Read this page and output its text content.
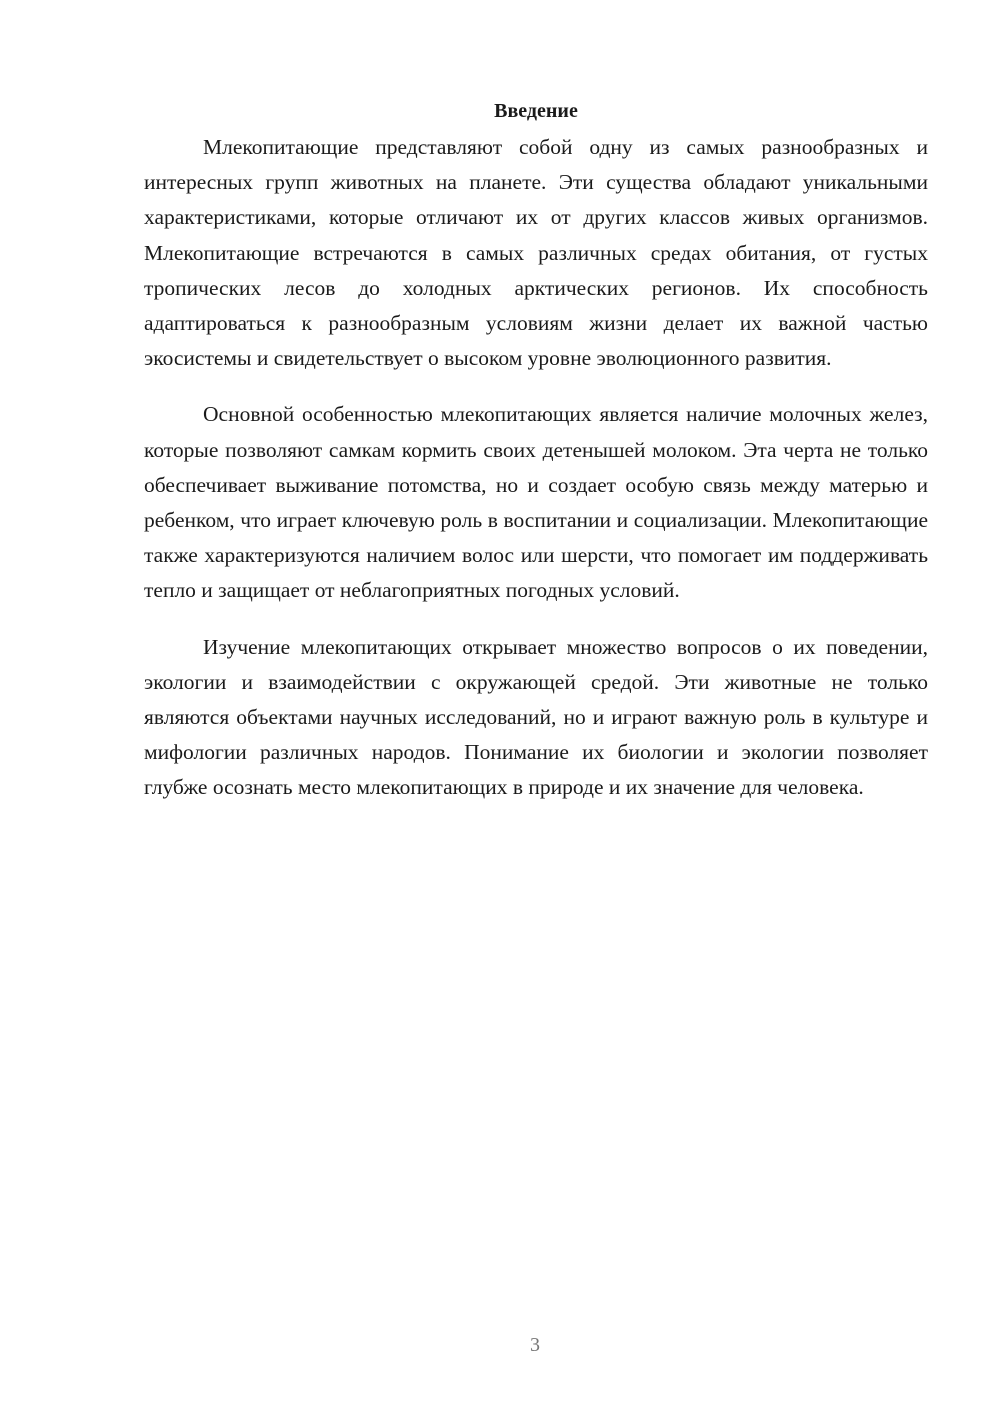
Введение

Млекопитающие представляют собой одну из самых разнообразных и интересных групп животных на планете. Эти существа обладают уникальными характеристиками, которые отличают их от других классов живых организмов. Млекопитающие встречаются в самых различных средах обитания, от густых тропических лесов до холодных арктических регионов. Их способность адаптироваться к разнообразным условиям жизни делает их важной частью экосистемы и свидетельствует о высоком уровне эволюционного развития.

Основной особенностью млекопитающих является наличие молочных желез, которые позволяют самкам кормить своих детенышей молоком. Эта черта не только обеспечивает выживание потомства, но и создает особую связь между матерью и ребенком, что играет ключевую роль в воспитании и социализации. Млекопитающие также характеризуются наличием волос или шерсти, что помогает им поддерживать тепло и защищает от неблагоприятных погодных условий.

Изучение млекопитающих открывает множество вопросов о их поведении, экологии и взаимодействии с окружающей средой. Эти животные не только являются объектами научных исследований, но и играют важную роль в культуре и мифологии различных народов. Понимание их биологии и экологии позволяет глубже осознать место млекопитающих в природе и их значение для человека.

3
